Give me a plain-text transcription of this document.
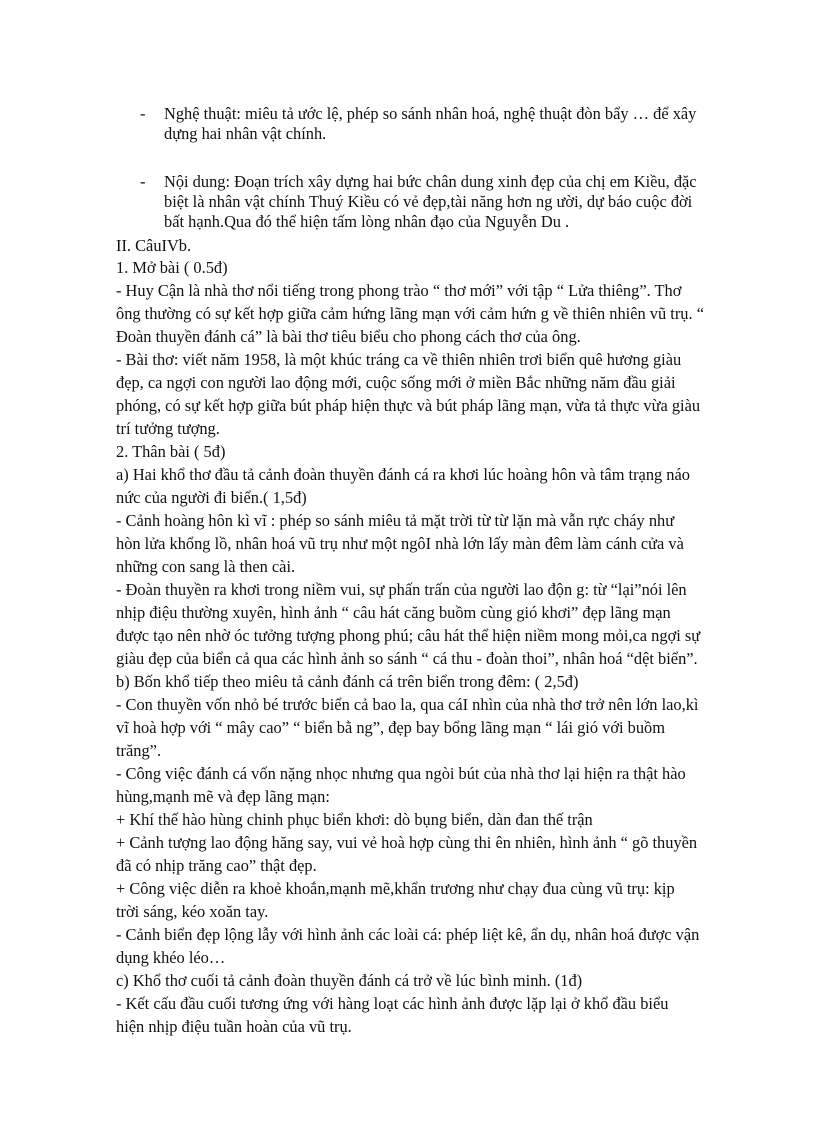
- Nghệ thuật: miêu tả ước lệ, phép so sánh nhân hoá, nghệ thuật đòn bẩy … để xây
dựng hai nhân vật chính.
- Nội dung: Đoạn trích xây dựng hai bức chân dung xinh đẹp của chị em Kiều, đặc
biệt là nhân vật chính Thuý Kiều có vẻ đẹp,tài năng hơn ng ười, dự báo cuộc đời
bất hạnh.Qua đó thể hiện tấm lòng nhân đạo của Nguyễn Du .
II. CâuIVb.
1. Mở bài ( 0.5đ)
- Huy Cận là nhà thơ nổi tiếng trong phong trào “ thơ mới” với tập “ Lửa thiêng”. Thơ
ông thường có sự kết hợp giữa cảm hứng lãng mạn với cảm hứn g về thiên nhiên vũ trụ. “
Đoàn thuyền đánh cá” là bài thơ tiêu biểu cho phong cách thơ của ông.
- Bài thơ: viết năm 1958, là một khúc tráng ca về thiên nhiên trơi biển quê hương giàu
đẹp, ca ngợi con người lao động mới, cuộc sống mới ở miền Bắc những năm đầu giải
phóng, có sự kết hợp giữa bút pháp hiện thực và bút pháp lãng mạn, vừa tả thực vừa giàu
trí tưởng tượng.
2. Thân bài ( 5đ)
a) Hai khổ thơ đầu tả cảnh đoàn thuyền đánh cá ra khơi lúc hoàng hôn và tâm trạng náo
nức của người đi biển.( 1,5đ)
- Cảnh hoàng hôn kì vĩ : phép so sánh miêu tả mặt trời từ từ lặn mà vẫn rực cháy như
hòn lửa khổng lồ, nhân hoá vũ trụ như một ngôI nhà lớn lấy màn đêm làm cánh cửa và
những con sang là then cài.
- Đoàn thuyền ra khơi trong niềm vui, sự phấn trấn của người lao độn g: từ “lại”nói lên
nhịp điệu thường xuyên, hình ảnh “ câu hát căng buồm cùng gió khơi” đẹp lãng mạn
được tạo nên nhờ óc tưởng tượng phong phú; câu hát thể hiện niềm mong mỏi,ca ngợi sự
giàu đẹp của biển cả qua các hình ảnh so sánh “ cá thu - đoàn thoi”, nhân hoá “dệt biển”.
b) Bốn khổ tiếp theo miêu tả cảnh đánh cá trên biển trong đêm: ( 2,5đ)
- Con thuyền vốn nhỏ bé trước biển cả bao la, qua cáI nhìn của nhà thơ trở nên lớn lao,kì
vĩ hoà hợp với “ mây cao” “ biển bằ ng”, đẹp bay bổng lãng mạn “ lái gió với buồm
trăng”.
- Công việc đánh cá vốn nặng nhọc nhưng qua ngòi bút của nhà thơ lại hiện ra thật hào
hùng,mạnh mẽ và đẹp lãng mạn:
+ Khí thế hào hùng chinh phục biển khơi: dò bụng biển, dàn đan thế trận
+ Cảnh tượng lao động hăng say, vui vẻ hoà hợp cùng thi ên nhiên, hình ảnh “ gõ thuyền
đã có nhịp trăng cao” thật đẹp.
+ Công việc diễn ra khoẻ khoắn,mạnh mẽ,khẩn trương như chạy đua cùng vũ trụ: kịp
trời sáng, kéo xoăn tay.
- Cảnh biển đẹp lộng lẫy với hình ảnh các loài cá: phép liệt kê, ẩn dụ, nhân hoá được vận
dụng khéo léo…
c) Khổ thơ cuối tả cảnh đoàn thuyền đánh cá trở về lúc bình minh. (1đ)
- Kết cấu đầu cuối tương ứng với hàng loạt các hình ảnh được lặp lại ở khổ đầu biểu
hiện nhịp điệu tuần hoàn của vũ trụ.
